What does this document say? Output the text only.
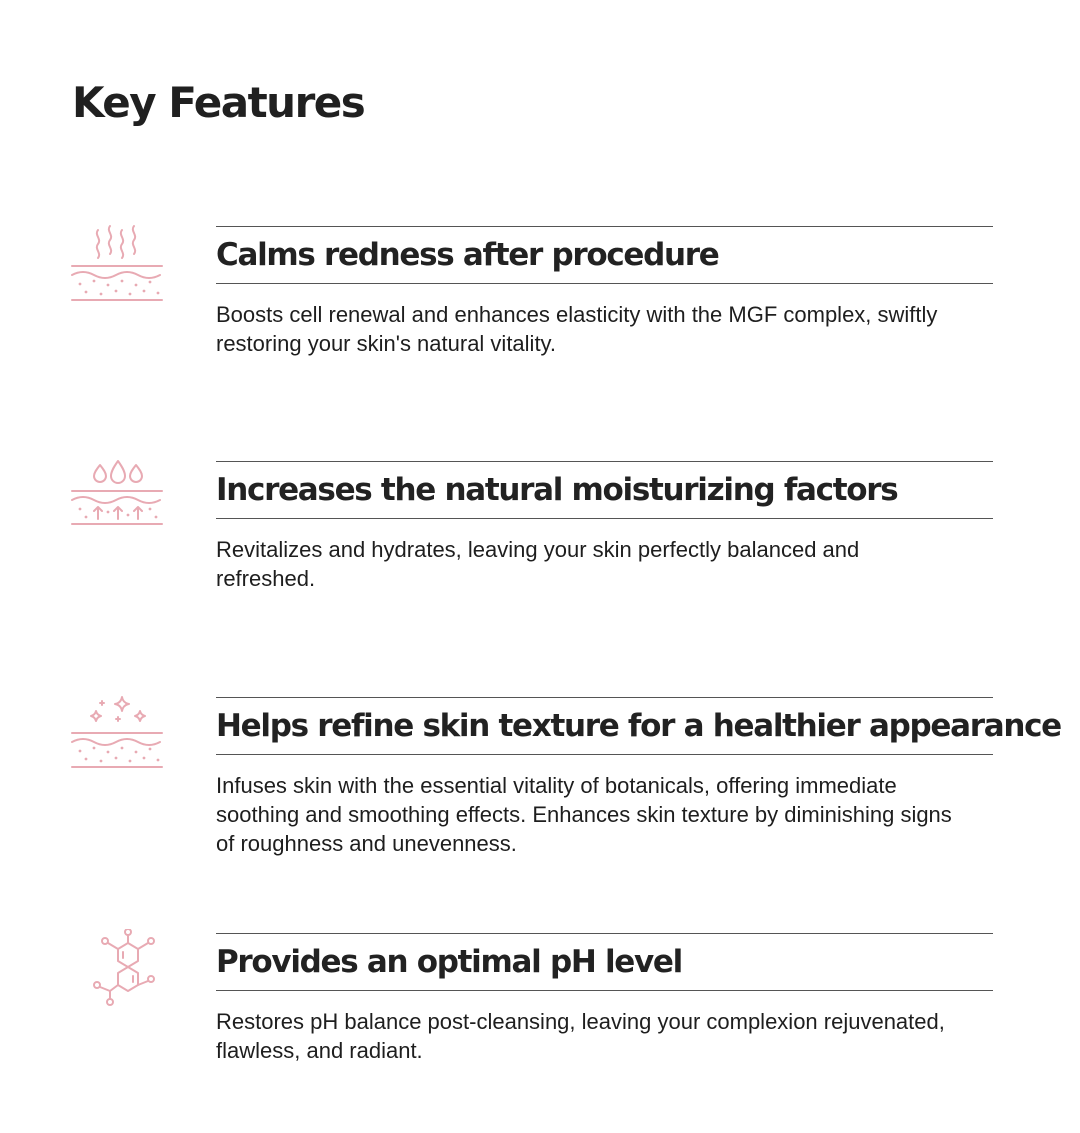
Key Features
Calms redness after procedure

Boosts cell renewal and enhances elasticity with the MGF complex, swiftly restoring your skin's natural vitality.

Increases the natural moisturizing factors

Revitalizes and hydrates, leaving your skin perfectly balanced and refreshed.

Helps refine skin texture for a healthier appearance

Infuses skin with the essential vitality of botanicals, offering immediate soothing and smoothing effects. Enhances skin texture by diminishing signs of roughness and unevenness.

Provides an optimal pH level

Restores pH balance post-cleansing, leaving your complexion rejuvenated, flawless, and radiant.
